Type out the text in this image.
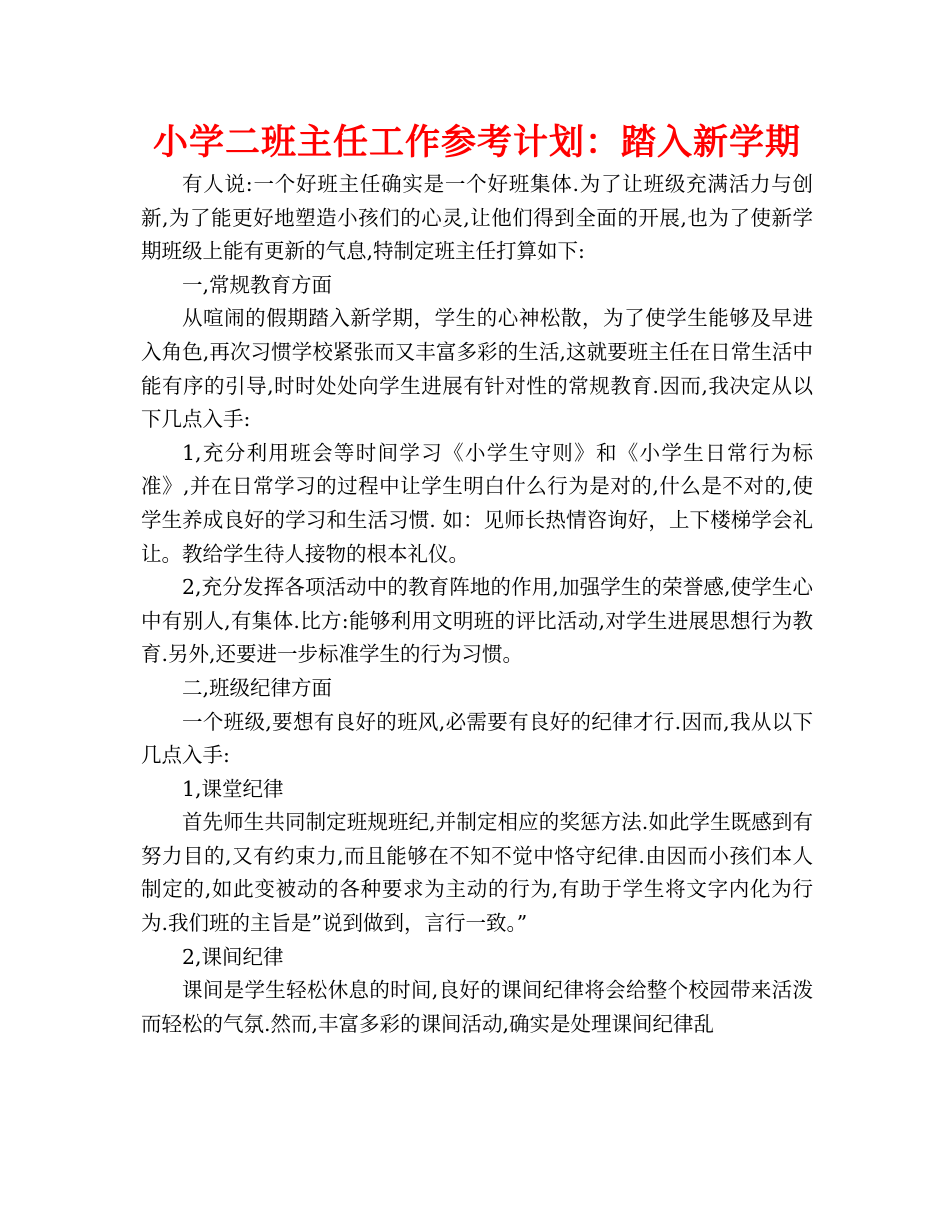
小学二班主任工作参考计划：踏入新学期

有人说:一个好班主任确实是一个好班集体.为了让班级充满活力与创新,为了能更好地塑造小孩们的心灵,让他们得到全面的开展,也为了使新学期班级上能有更新的气息,特制定班主任打算如下:

一,常规教育方面

从喧闹的假期踏入新学期，学生的心神松散，为了使学生能够及早进入角色,再次习惯学校紧张而又丰富多彩的生活,这就要班主任在日常生活中能有序的引导,时时处处向学生进展有针对性的常规教育.因而,我决定从以下几点入手:

1,充分利用班会等时间学习《小学生守则》和《小学生日常行为标准》,并在日常学习的过程中让学生明白什么行为是对的,什么是不对的,使学生养成良好的学习和生活习惯. 如：见师长热情咨询好，上下楼梯学会礼让。教给学生待人接物的根本礼仪。

2,充分发挥各项活动中的教育阵地的作用,加强学生的荣誉感,使学生心中有别人,有集体.比方:能够利用文明班的评比活动,对学生进展思想行为教育.另外,还要进一步标准学生的行为习惯。

二,班级纪律方面

一个班级,要想有良好的班风,必需要有良好的纪律才行.因而,我从以下几点入手:

1,课堂纪律

首先师生共同制定班规班纪,并制定相应的奖惩方法.如此学生既感到有努力目的,又有约束力,而且能够在不知不觉中恪守纪律.由因而小孩们本人制定的,如此变被动的各种要求为主动的行为,有助于学生将文字内化为行为.我们班的主旨是”说到做到，言行一致。”

2,课间纪律

课间是学生轻松休息的时间,良好的课间纪律将会给整个校园带来活泼而轻松的气氛.然而,丰富多彩的课间活动,确实是处理课间纪律乱
